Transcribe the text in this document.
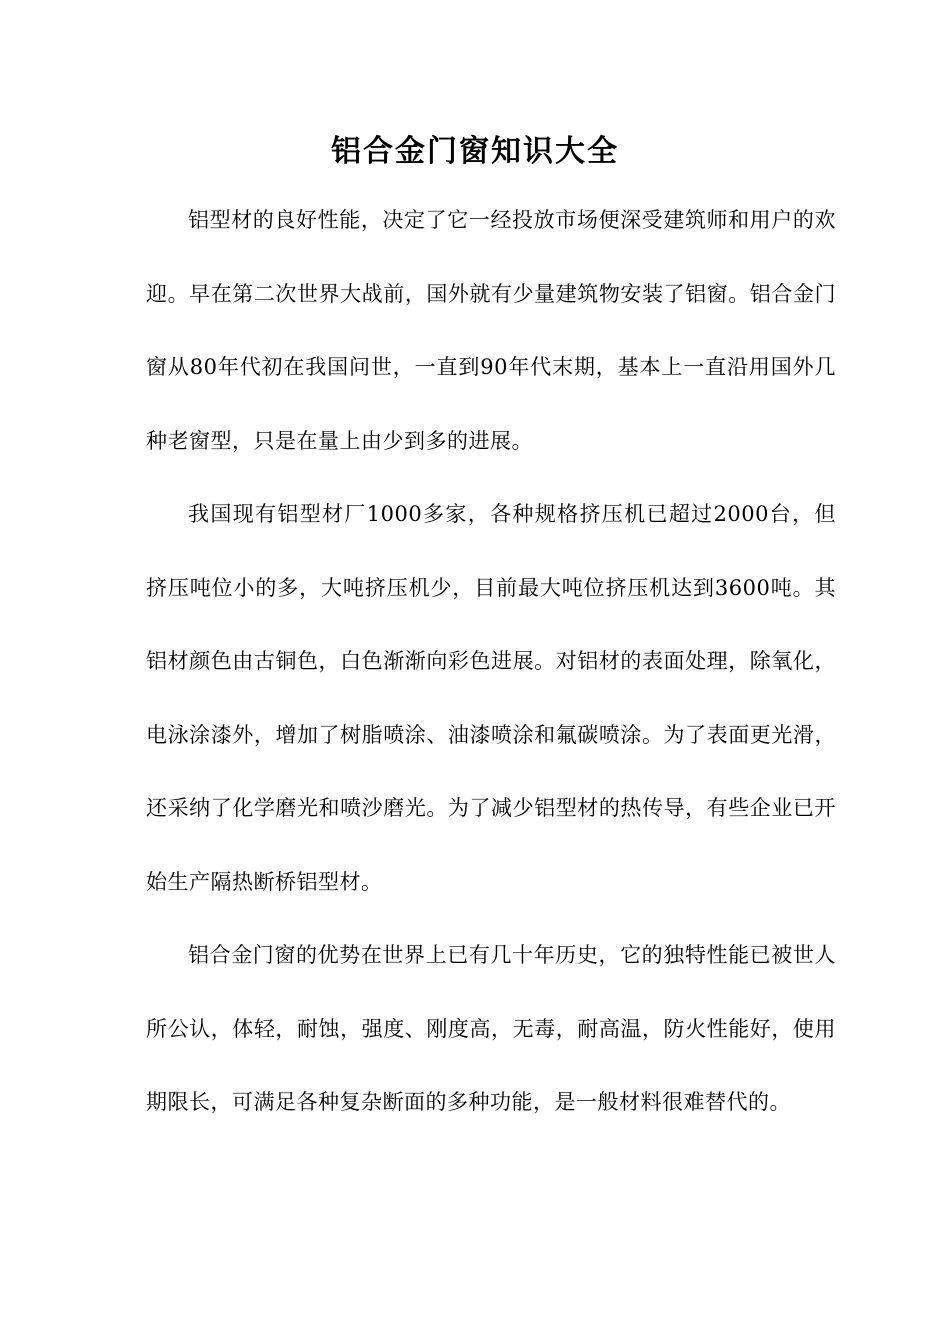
铝合金门窗知识大全

铝型材的良好性能，决定了它一经投放市场便深受建筑师和用户的欢迎。早在第二次世界大战前，国外就有少量建筑物安装了铝窗。铝合金门窗从80年代初在我国问世，一直到90年代末期，基本上一直沿用国外几种老窗型，只是在量上由少到多的进展。

我国现有铝型材厂1000多家，各种规格挤压机已超过2000台，但挤压吨位小的多，大吨挤压机少，目前最大吨位挤压机达到3600吨。其铝材颜色由古铜色，白色渐渐向彩色进展。对铝材的表面处理，除氧化，电泳涂漆外，增加了树脂喷涂、油漆喷涂和氟碳喷涂。为了表面更光滑，还采纳了化学磨光和喷沙磨光。为了减少铝型材的热传导，有些企业已开始生产隔热断桥铝型材。

铝合金门窗的优势在世界上已有几十年历史，它的独特性能已被世人所公认，体轻，耐蚀，强度、刚度高，无毒，耐高温，防火性能好，使用期限长，可满足各种复杂断面的多种功能，是一般材料很难替代的。
